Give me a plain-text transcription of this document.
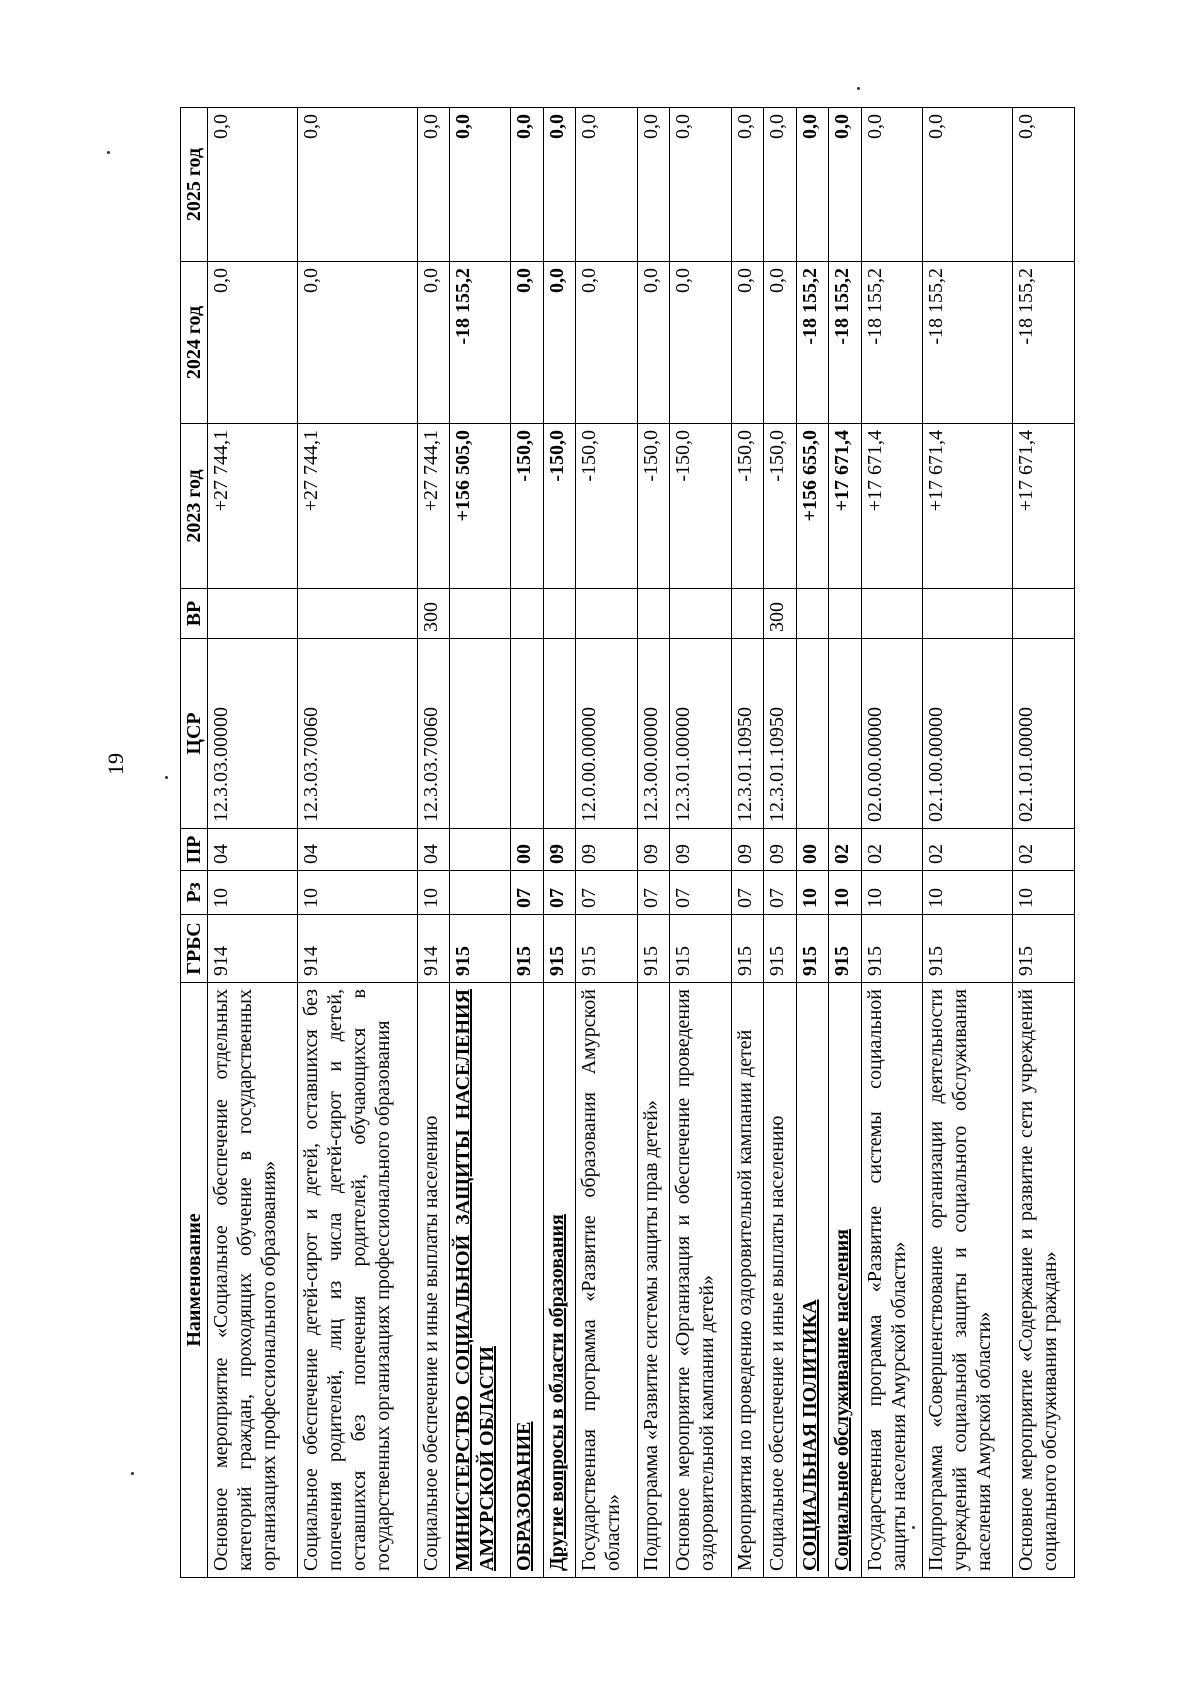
19
Наименование	ГРБС	Рз	ПР	ЦСР	ВР	2023 год	2024 год	2025 год
Основное мероприятие «Социальное обеспечение отдельных категорий граждан, проходящих обучение в государственных организациях профессионального образования»	914	10	04	12.3.03.00000		+27 744,1	0,0	0,0
Социальное обеспечение детей-сирот и детей, оставшихся без попечения родителей, лиц из числа детей-сирот и детей, оставшихся без попечения родителей, обучающихся в государственных организациях профессионального образования	914	10	04	12.3.03.70060		+27 744,1	0,0	0,0
Социальное обеспечение и иные выплаты населению	914	10	04	12.3.03.70060	300	+27 744,1	0,0	0,0
МИНИСТЕРСТВО СОЦИАЛЬНОЙ ЗАЩИТЫ НАСЕЛЕНИЯ АМУРСКОЙ ОБЛАСТИ	915					+156 505,0	-18 155,2	0,0
ОБРАЗОВАНИЕ	915	07	00			-150,0	0,0	0,0
Другие вопросы в области образования	915	07	09			-150,0	0,0	0,0
Государственная программа «Развитие образования Амурской области»	915	07	09	12.0.00.00000		-150,0	0,0	0,0
Подпрограмма «Развитие системы защиты прав детей»	915	07	09	12.3.00.00000		-150,0	0,0	0,0
Основное мероприятие «Организация и обеспечение проведения оздоровительной кампании детей»	915	07	09	12.3.01.00000		-150,0	0,0	0,0
Мероприятия по проведению оздоровительной кампании детей	915	07	09	12.3.01.10950		-150,0	0,0	0,0
Социальное обеспечение и иные выплаты населению	915	07	09	12.3.01.10950	300	-150,0	0,0	0,0
СОЦИАЛЬНАЯ ПОЛИТИКА	915	10	00			+156 655,0	-18 155,2	0,0
Социальное обслуживание населения	915	10	02			+17 671,4	-18 155,2	0,0
Государственная программа «Развитие системы социальной защиты населения Амурской области»	915	10	02	02.0.00.00000		+17 671,4	-18 155,2	0,0
Подпрограмма «Совершенствование организации деятельности учреждений социальной защиты и социального обслуживания населения Амурской области»	915	10	02	02.1.00.00000		+17 671,4	-18 155,2	0,0
Основное мероприятие «Содержание и развитие сети учреждений социального обслуживания граждан»	915	10	02	02.1.01.00000		+17 671,4	-18 155,2	0,0
